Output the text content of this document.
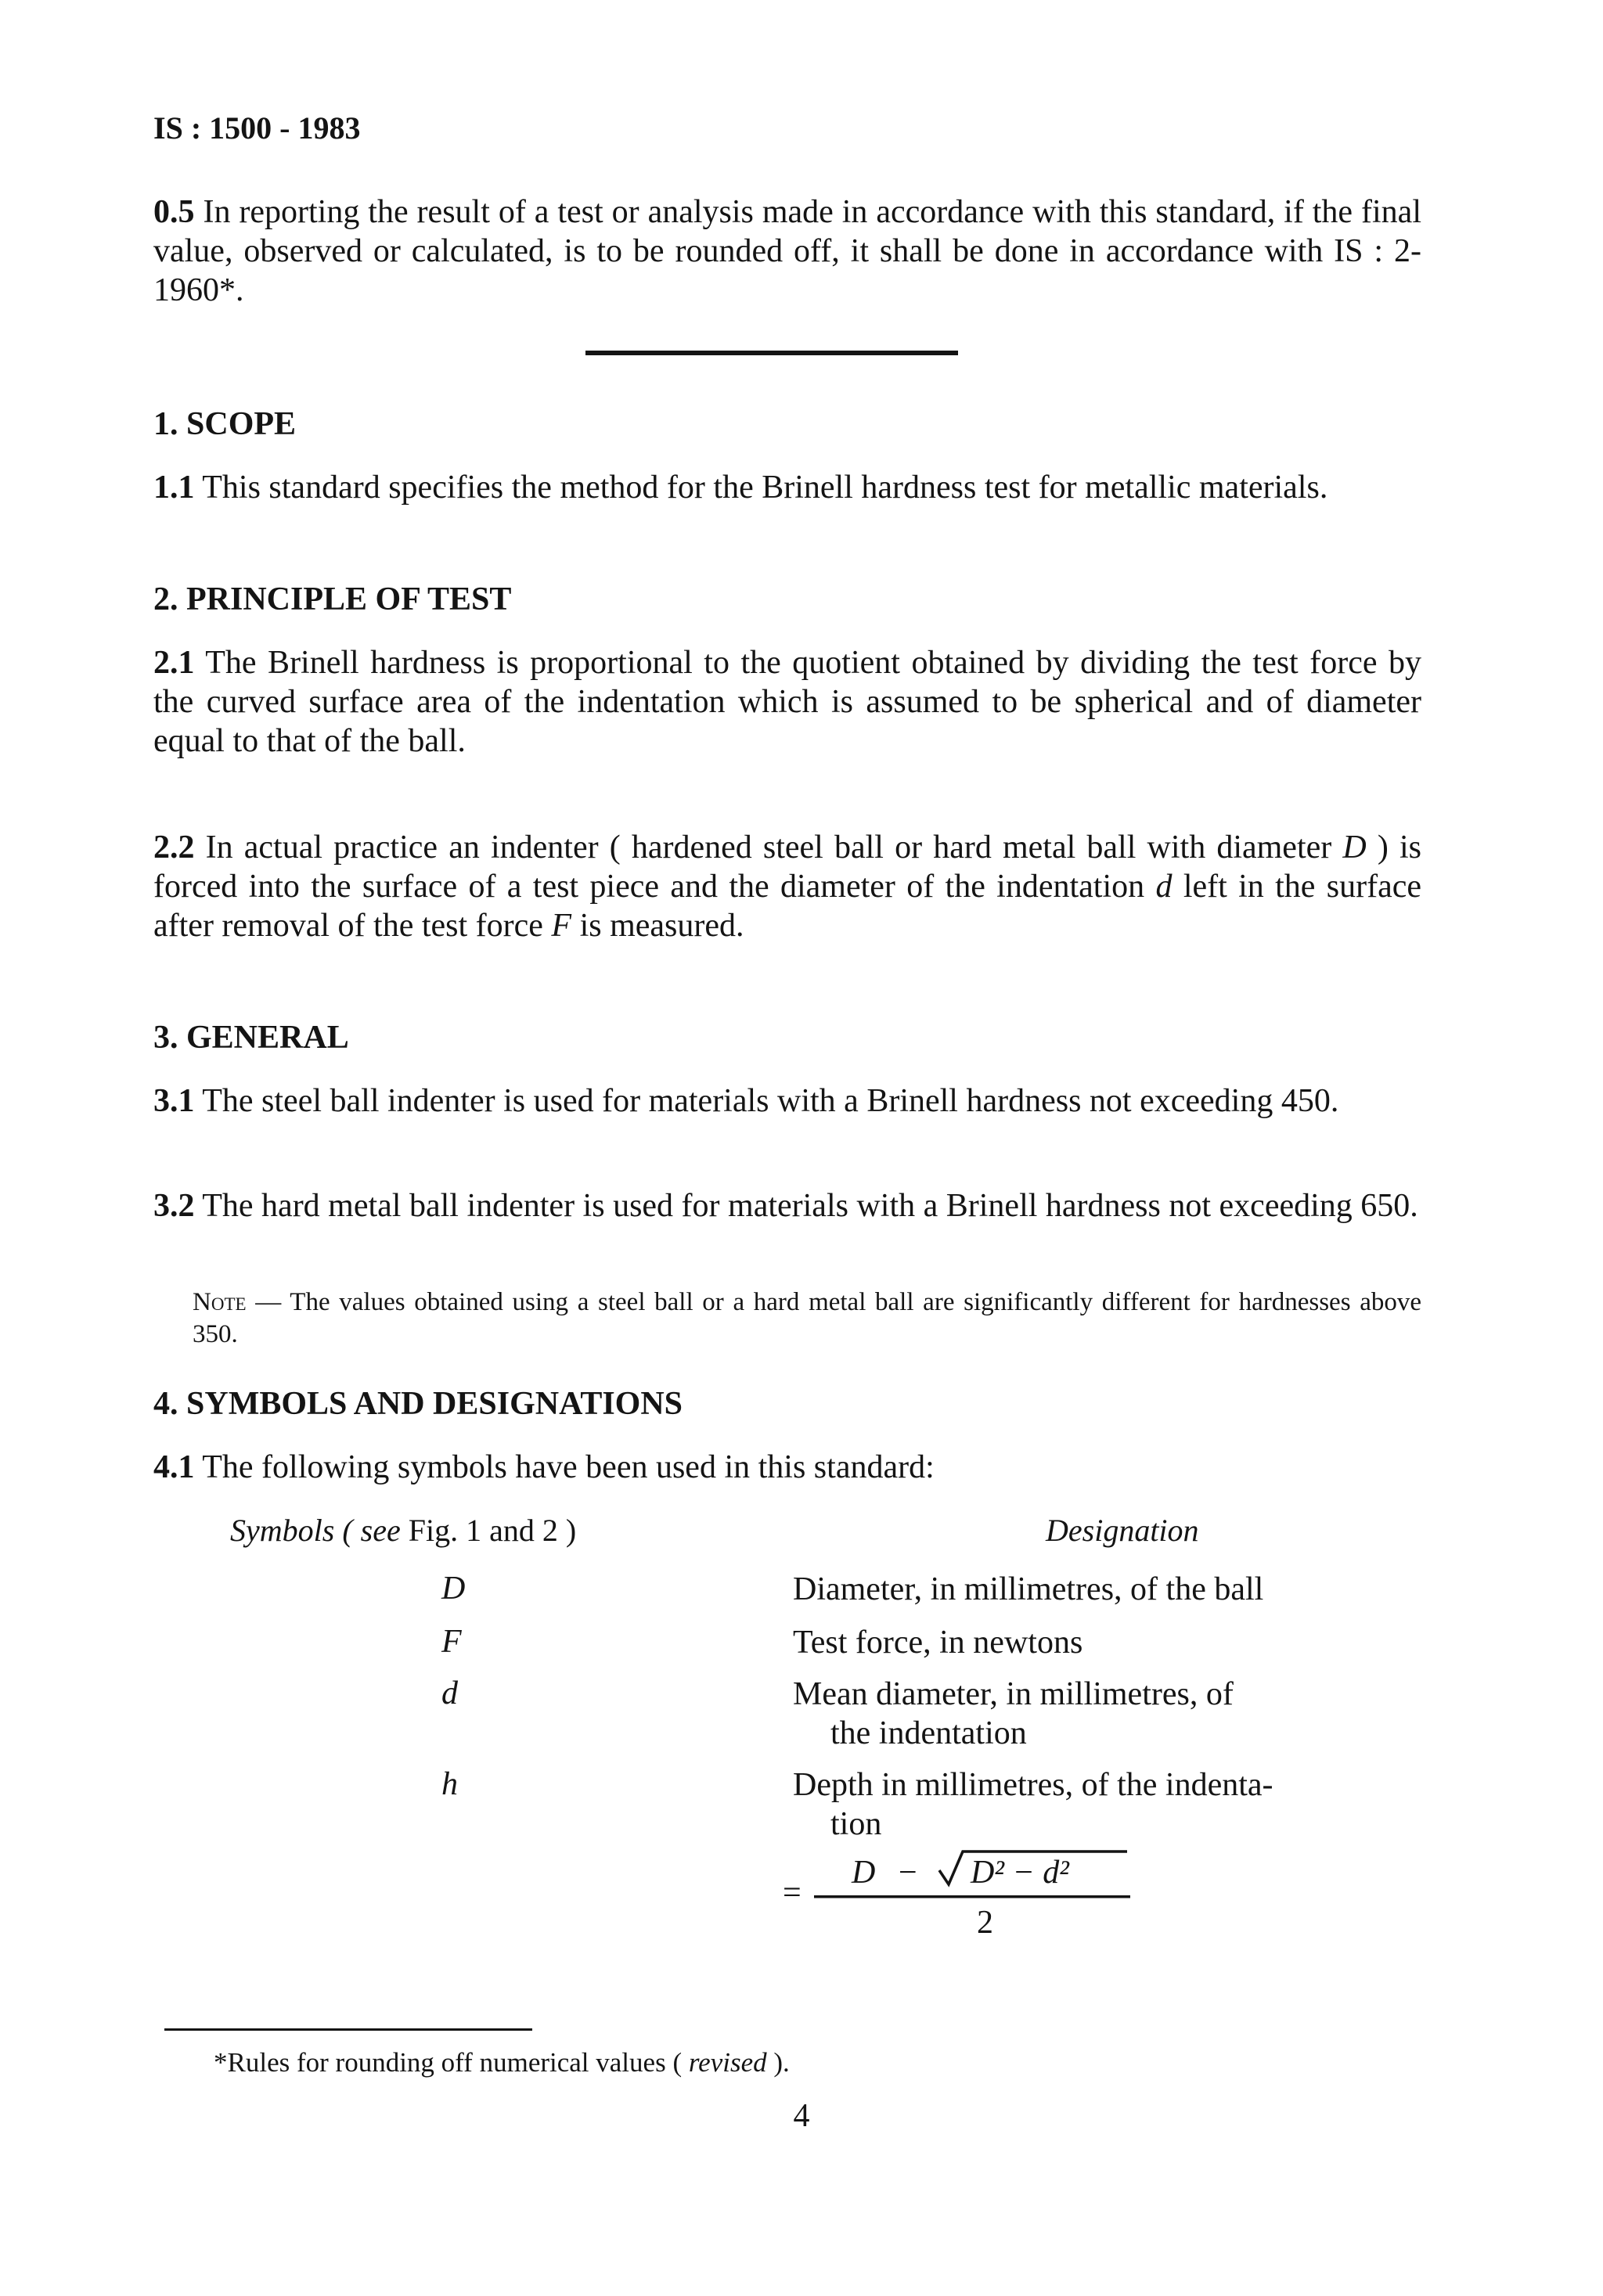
IS : 1500 - 1983
0.5 In reporting the result of a test or analysis made in accordance with this standard, if the final value, observed or calculated, is to be rounded off, it shall be done in accordance with IS : 2-1960*.
1. SCOPE
1.1 This standard specifies the method for the Brinell hardness test for metallic materials.
2. PRINCIPLE OF TEST
2.1 The Brinell hardness is proportional to the quotient obtained by dividing the test force by the curved surface area of the indentation which is assumed to be spherical and of diameter equal to that of the ball.
2.2 In actual practice an indenter ( hardened steel ball or hard metal ball with diameter D ) is forced into the surface of a test piece and the diameter of the indentation d left in the surface after removal of the test force F is measured.
3. GENERAL
3.1 The steel ball indenter is used for materials with a Brinell hardness not exceeding 450.
3.2 The hard metal ball indenter is used for materials with a Brinell hardness not exceeding 650.
Note — The values obtained using a steel ball or a hard metal ball are significantly different for hardnesses above 350.
4. SYMBOLS AND DESIGNATIONS
4.1 The following symbols have been used in this standard:
Symbols ( see Fig. 1 and 2 )	Designation
D	Diameter, in millimetres, of the ball
F	Test force, in newtons
d	Mean diameter, in millimetres, of
the indentation
h	Depth in millimetres, of the indenta-
tion
=
D − D² − d²
2
*Rules for rounding off numerical values ( revised ).
4
